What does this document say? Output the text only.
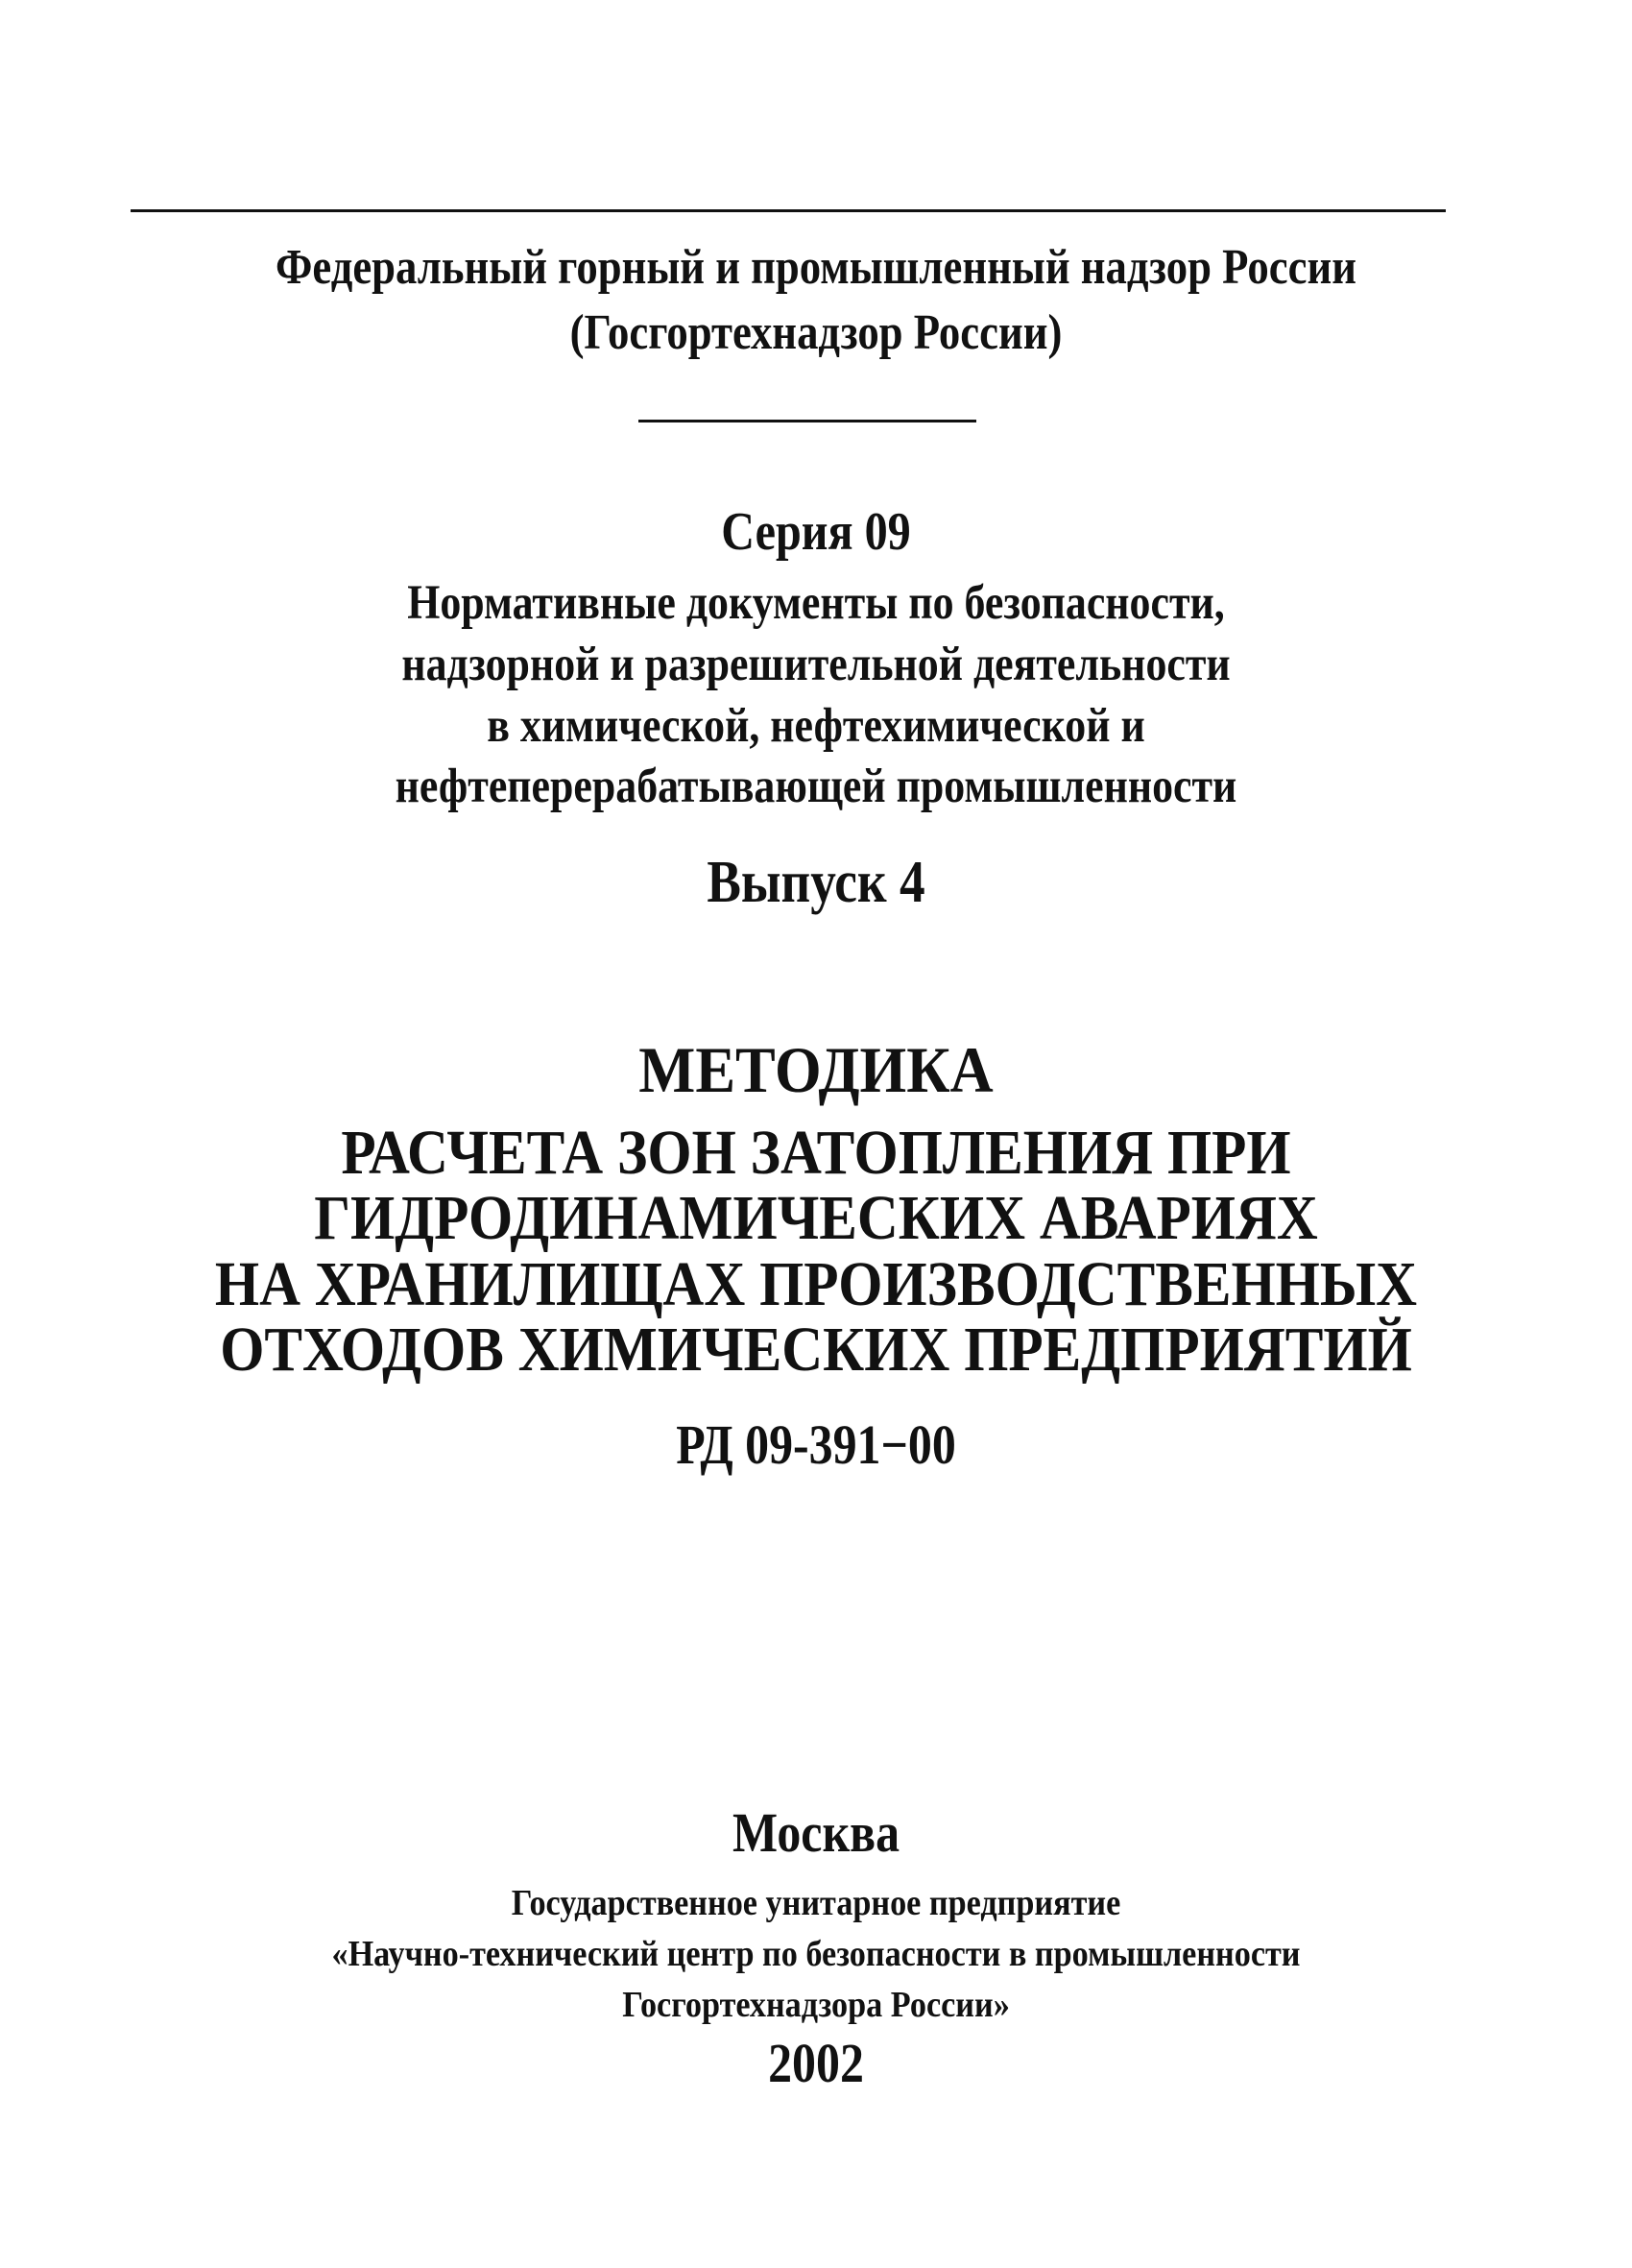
Федеральный горный и промышленный надзор России
(Госгортехнадзор России)
Серия 09
Нормативные документы по безопасности,
надзорной и разрешительной деятельности
в химической, нефтехимической и
нефтеперерабатывающей промышленности
Выпуск 4
МЕТОДИКА
РАСЧЕТА ЗОН ЗАТОПЛЕНИЯ ПРИ
ГИДРОДИНАМИЧЕСКИХ АВАРИЯХ
НА ХРАНИЛИЩАХ ПРОИЗВОДСТВЕННЫХ
ОТХОДОВ ХИМИЧЕСКИХ ПРЕДПРИЯТИЙ
РД 09-391−00
Москва
Государственное унитарное предприятие
«Научно-технический центр по безопасности в промышленности
Госгортехнадзора России»
2002
